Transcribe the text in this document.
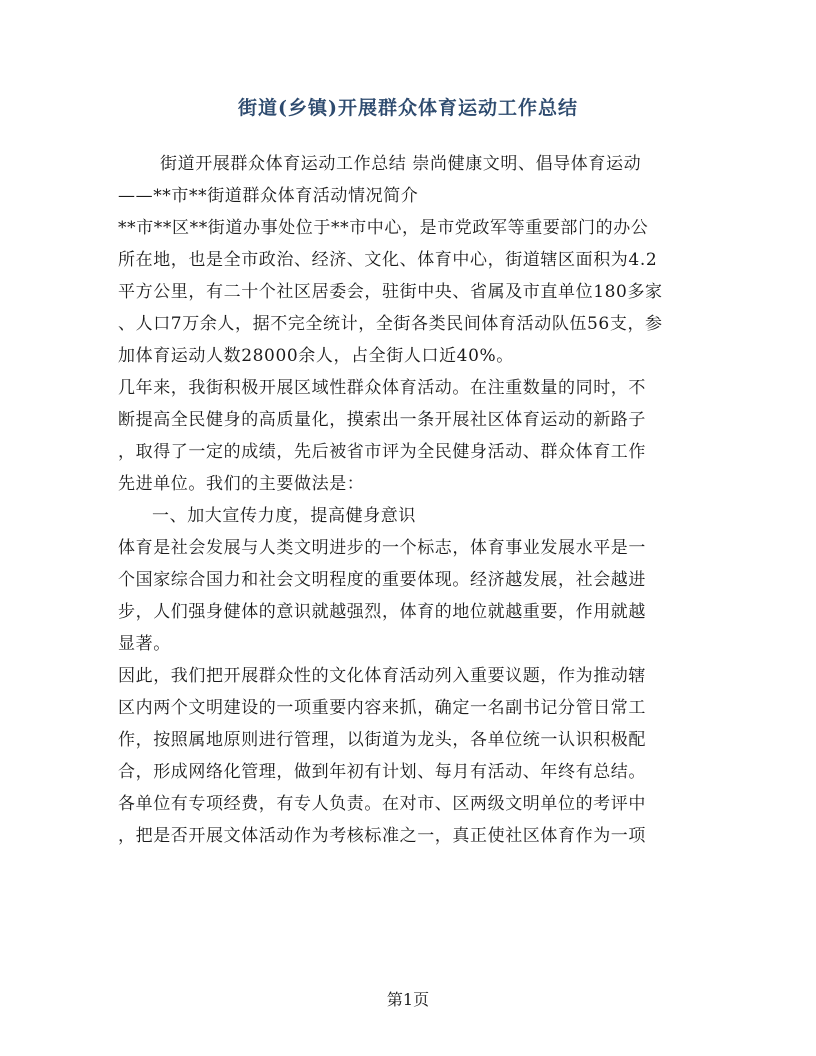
街道(乡镇)开展群众体育运动工作总结
街道开展群众体育运动工作总结 崇尚健康文明、倡导体育运动
——**市**街道群众体育活动情况简介
**市**区**街道办事处位于**市中心，是市党政军等重要部门的办公
所在地，也是全市政治、经济、文化、体育中心，街道辖区面积为4.2
平方公里，有二十个社区居委会，驻街中央、省属及市直单位180多家
、人口7万余人，据不完全统计，全街各类民间体育活动队伍56支，参
加体育运动人数28000余人，占全街人口近40%。
几年来，我街积极开展区域性群众体育活动。在注重数量的同时，不
断提高全民健身的高质量化，摸索出一条开展社区体育运动的新路子
，取得了一定的成绩，先后被省市评为全民健身活动、群众体育工作
先进单位。我们的主要做法是：
一、加大宣传力度，提高健身意识
体育是社会发展与人类文明进步的一个标志，体育事业发展水平是一
个国家综合国力和社会文明程度的重要体现。经济越发展，社会越进
步，人们强身健体的意识就越强烈，体育的地位就越重要，作用就越
显著。
因此，我们把开展群众性的文化体育活动列入重要议题，作为推动辖
区内两个文明建设的一项重要内容来抓，确定一名副书记分管日常工
作，按照属地原则进行管理，以街道为龙头，各单位统一认识积极配
合，形成网络化管理，做到年初有计划、每月有活动、年终有总结。
各单位有专项经费，有专人负责。在对市、区两级文明单位的考评中
，把是否开展文体活动作为考核标准之一，真正使社区体育作为一项
第1页
